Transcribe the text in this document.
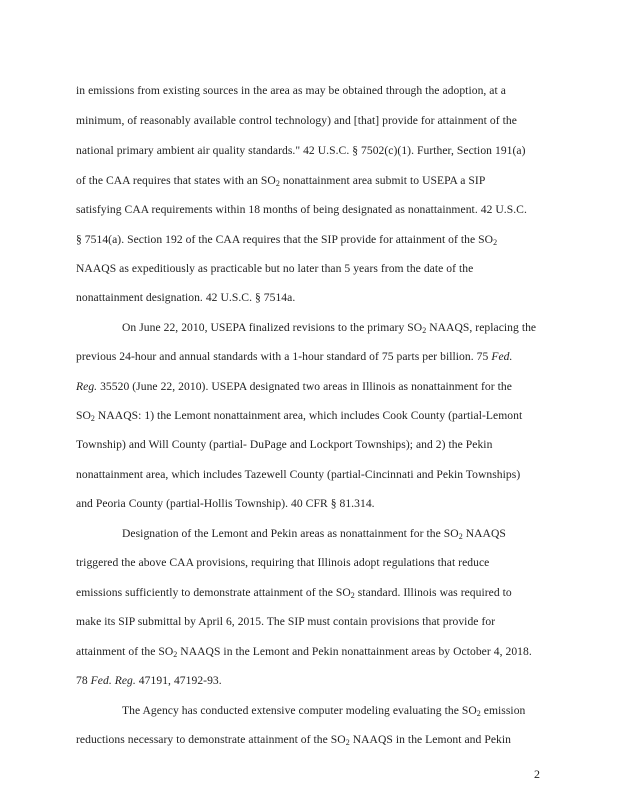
in emissions from existing sources in the area as may be obtained through the adoption, at a
minimum, of reasonably available control technology) and [that] provide for attainment of the
national primary ambient air quality standards." 42 U.S.C. § 7502(c)(1). Further, Section 191(a)
of the CAA requires that states with an $SO_2$ nonattainment area submit to USEPA a SIP
satisfying CAA requirements within 18 months of being designated as nonattainment. 42 U.S.C.
§ 7514(a). Section 192 of the CAA requires that the SIP provide for attainment of the $SO_2$
NAAQS as expeditiously as practicable but no later than 5 years from the date of the
nonattainment designation. 42 U.S.C. § 7514a.
On June 22, 2010, USEPA finalized revisions to the primary $SO_2$ NAAQS, replacing the
previous 24-hour and annual standards with a 1-hour standard of 75 parts per billion. 75 Fed.
Reg. 35520 (June 22, 2010). USEPA designated two areas in Illinois as nonattainment for the
$SO_2$ NAAQS: 1) the Lemont nonattainment area, which includes Cook County (partial-Lemont
Township) and Will County (partial- DuPage and Lockport Townships); and 2) the Pekin
nonattainment area, which includes Tazewell County (partial-Cincinnati and Pekin Townships)
and Peoria County (partial-Hollis Township). 40 CFR § 81.314.
Designation of the Lemont and Pekin areas as nonattainment for the $SO_2$ NAAQS
triggered the above CAA provisions, requiring that Illinois adopt regulations that reduce
emissions sufficiently to demonstrate attainment of the $SO_2$ standard. Illinois was required to
make its SIP submittal by April 6, 2015. The SIP must contain provisions that provide for
attainment of the $SO_2$ NAAQS in the Lemont and Pekin nonattainment areas by October 4, 2018.
78 Fed. Reg. 47191, 47192-93.
The Agency has conducted extensive computer modeling evaluating the $SO_2$ emission
reductions necessary to demonstrate attainment of the $SO_2$ NAAQS in the Lemont and Pekin
2
